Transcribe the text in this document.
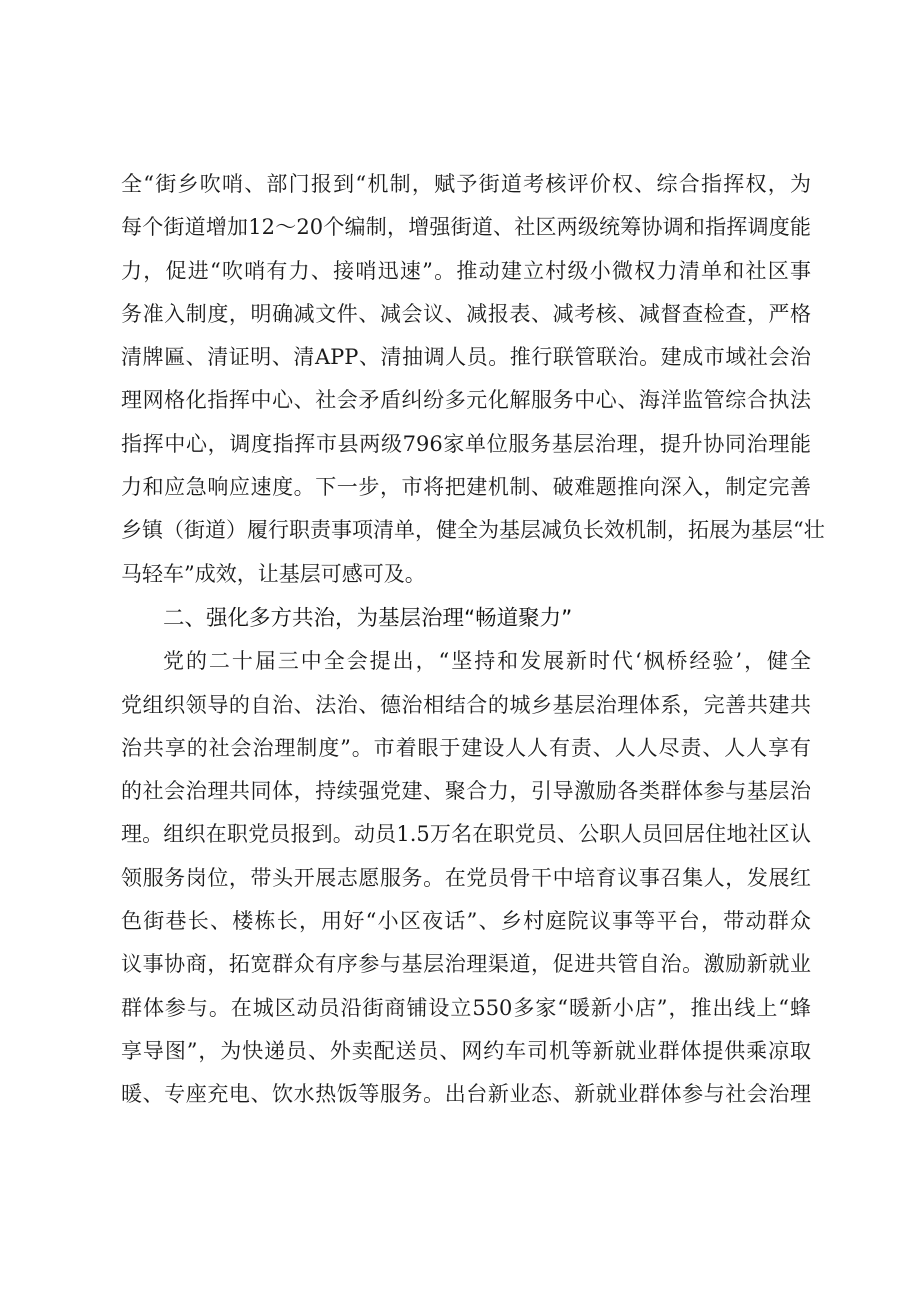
全“街乡吹哨、部门报到“机制，赋予街道考核评价权、综合指挥权，为
每个街道增加12～20个编制，增强街道、社区两级统筹协调和指挥调度能
力，促进“吹哨有力、接哨迅速”。推动建立村级小微权力清单和社区事
务准入制度，明确减文件、减会议、减报表、减考核、减督查检查，严格
清牌匾、清证明、清APP、清抽调人员。推行联管联治。建成市域社会治
理网格化指挥中心、社会矛盾纠纷多元化解服务中心、海洋监管综合执法
指挥中心，调度指挥市县两级796家单位服务基层治理，提升协同治理能
力和应急响应速度。下一步，市将把建机制、破难题推向深入，制定完善
乡镇（街道）履行职责事项清单，健全为基层减负长效机制，拓展为基层“壮
马轻车”成效，让基层可感可及。
二、强化多方共治，为基层治理“畅道聚力”
党的二十届三中全会提出，“坚持和发展新时代‘枫桥经验’，健全
党组织领导的自治、法治、德治相结合的城乡基层治理体系，完善共建共
治共享的社会治理制度”。市着眼于建设人人有责、人人尽责、人人享有
的社会治理共同体，持续强党建、聚合力，引导激励各类群体参与基层治
理。组织在职党员报到。动员1.5万名在职党员、公职人员回居住地社区认
领服务岗位，带头开展志愿服务。在党员骨干中培育议事召集人，发展红
色街巷长、楼栋长，用好“小区夜话”、乡村庭院议事等平台，带动群众
议事协商，拓宽群众有序参与基层治理渠道，促进共管自治。激励新就业
群体参与。在城区动员沿街商铺设立550多家“暖新小店”，推出线上“蜂
享导图”，为快递员、外卖配送员、网约车司机等新就业群体提供乘凉取
暖、专座充电、饮水热饭等服务。出台新业态、新就业群体参与社会治理
